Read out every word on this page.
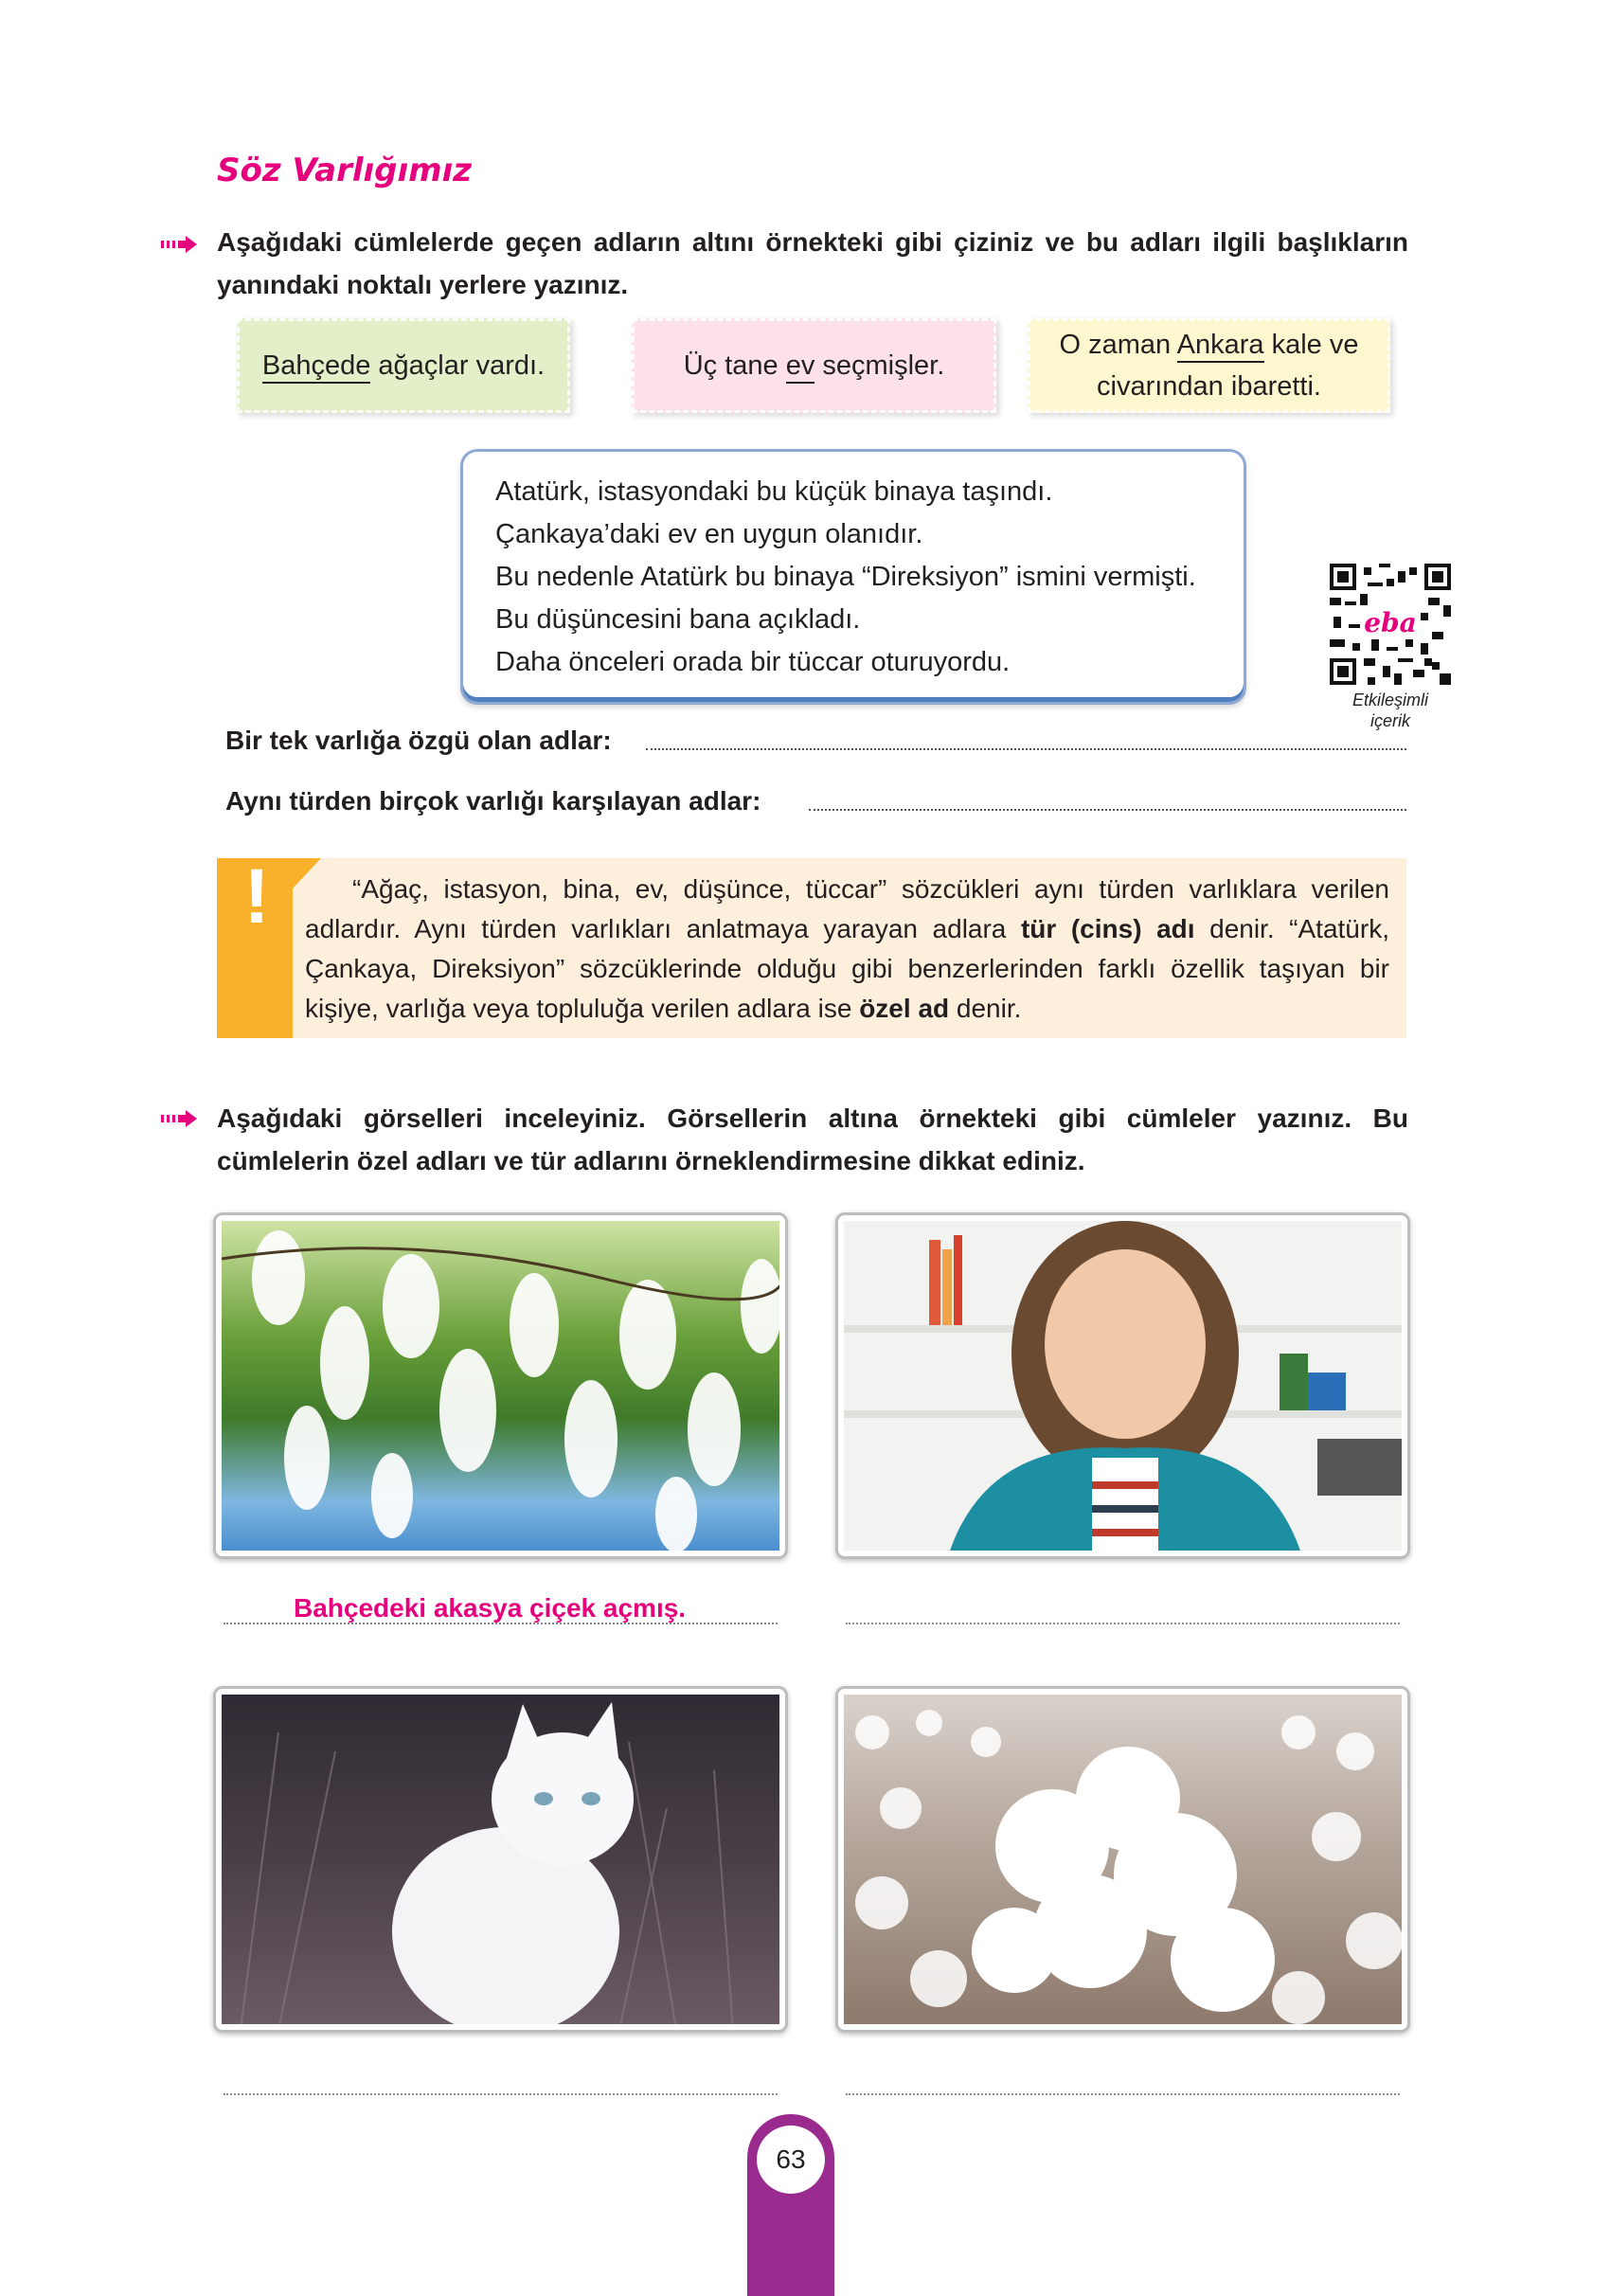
Söz Varlığımız
Aşağıdaki cümlelerde geçen adların altını örnekteki gibi çiziniz ve bu adları ilgili başlıkların yanındaki noktalı yerlere yazınız.
Bahçede ağaçlar vardı.	Üç tane ev seçmişler.
O zaman Ankara kale ve
civarından ibaretti.
Atatürk, istasyondaki bu küçük binaya taşındı.
Çankaya’daki ev en uygun olanıdır.
Bu nedenle Atatürk bu binaya “Direksiyon” ismini vermişti.
Bu düşüncesini bana açıkladı.
Daha önceleri orada bir tüccar oturuyordu.
eba
Etkileşimli
içerik
Bir tek varlığa özgü olan adlar:
Aynı türden birçok varlığı karşılayan adlar:
!	“Ağaç, istasyon, bina, ev, düşünce, tüccar” sözcükleri aynı türden varlıklara verilen adlardır. Aynı türden varlıkları anlatmaya yarayan adlara tür (cins) adı denir. “Atatürk, Çankaya, Direksiyon” sözcüklerinde olduğu gibi benzerlerinden farklı özellik taşıyan bir kişiye, varlığa veya topluluğa verilen adlara ise özel ad denir.
Aşağıdaki görselleri inceleyiniz. Görsellerin altına örnekteki gibi cümleler yazınız. Bu cümlelerin özel adları ve tür adlarını örneklendirmesine dikkat ediniz.
Bahçedeki akasya çiçek açmış.
63
